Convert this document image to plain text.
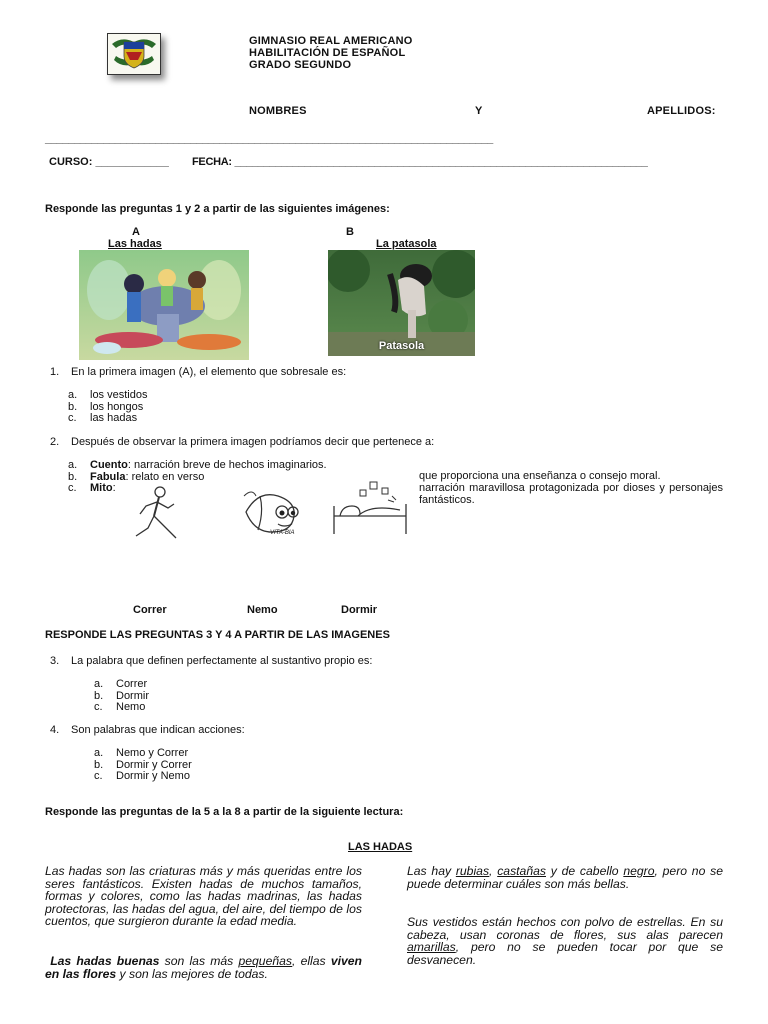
GIMNASIO REAL AMERICANO
HABILITACIÓN DE ESPAÑOL
GRADO SEGUNDO
NOMBRES	Y	APELLIDOS:
_____________________________________________________________________________
CURSO: ____________ FECHA: _______________________________________________________________________
Responde las preguntas 1 y 2 a partir de las siguientes imágenes:
A
Las hadas
B
La patasola
Patasola
1. En la primera imagen (A), el elemento que sobresale es:
a. los vestidos
b. los hongos
c. las hadas
2. Después de observar la primera imagen podríamos decir que pertenece a:
a. Cuento: narración breve de hechos imaginarios.
b. Fabula: relato en verso
c. Mito:
que proporciona una enseñanza o consejo moral.
narración maravillosa protagonizada por dioses y personajes fantásticos.
-VITA-BIA
Correr	Nemo	Dormir
RESPONDE LAS PREGUNTAS 3 Y 4 A PARTIR DE LAS IMAGENES
3. La palabra que definen perfectamente al sustantivo propio es:
a. Correr
b. Dormir
c. Nemo
4. Son palabras que indican acciones:
a. Nemo y Correr
b. Dormir y Correr
c. Dormir y Nemo
Responde las preguntas de la 5 a la 8 a partir de la siguiente lectura:
LAS HADAS
Las hadas son las criaturas más y más queridas entre los seres fantásticos. Existen hadas de muchos tamaños, formas y colores, como las hadas madrinas, las hadas protectoras, las hadas del agua, del aire, del tiempo de los cuentos, que surgieron durante la edad media.
Las hadas buenas son las más pequeñas, ellas viven en las flores y son las mejores de todas.
Las hay rubias, castañas y de cabello negro, pero no se puede determinar cuáles son más bellas.
Sus vestidos están hechos con polvo de estrellas. En su cabeza, usan coronas de flores, sus alas parecen amarillas, pero no se pueden tocar por que se desvanecen.
